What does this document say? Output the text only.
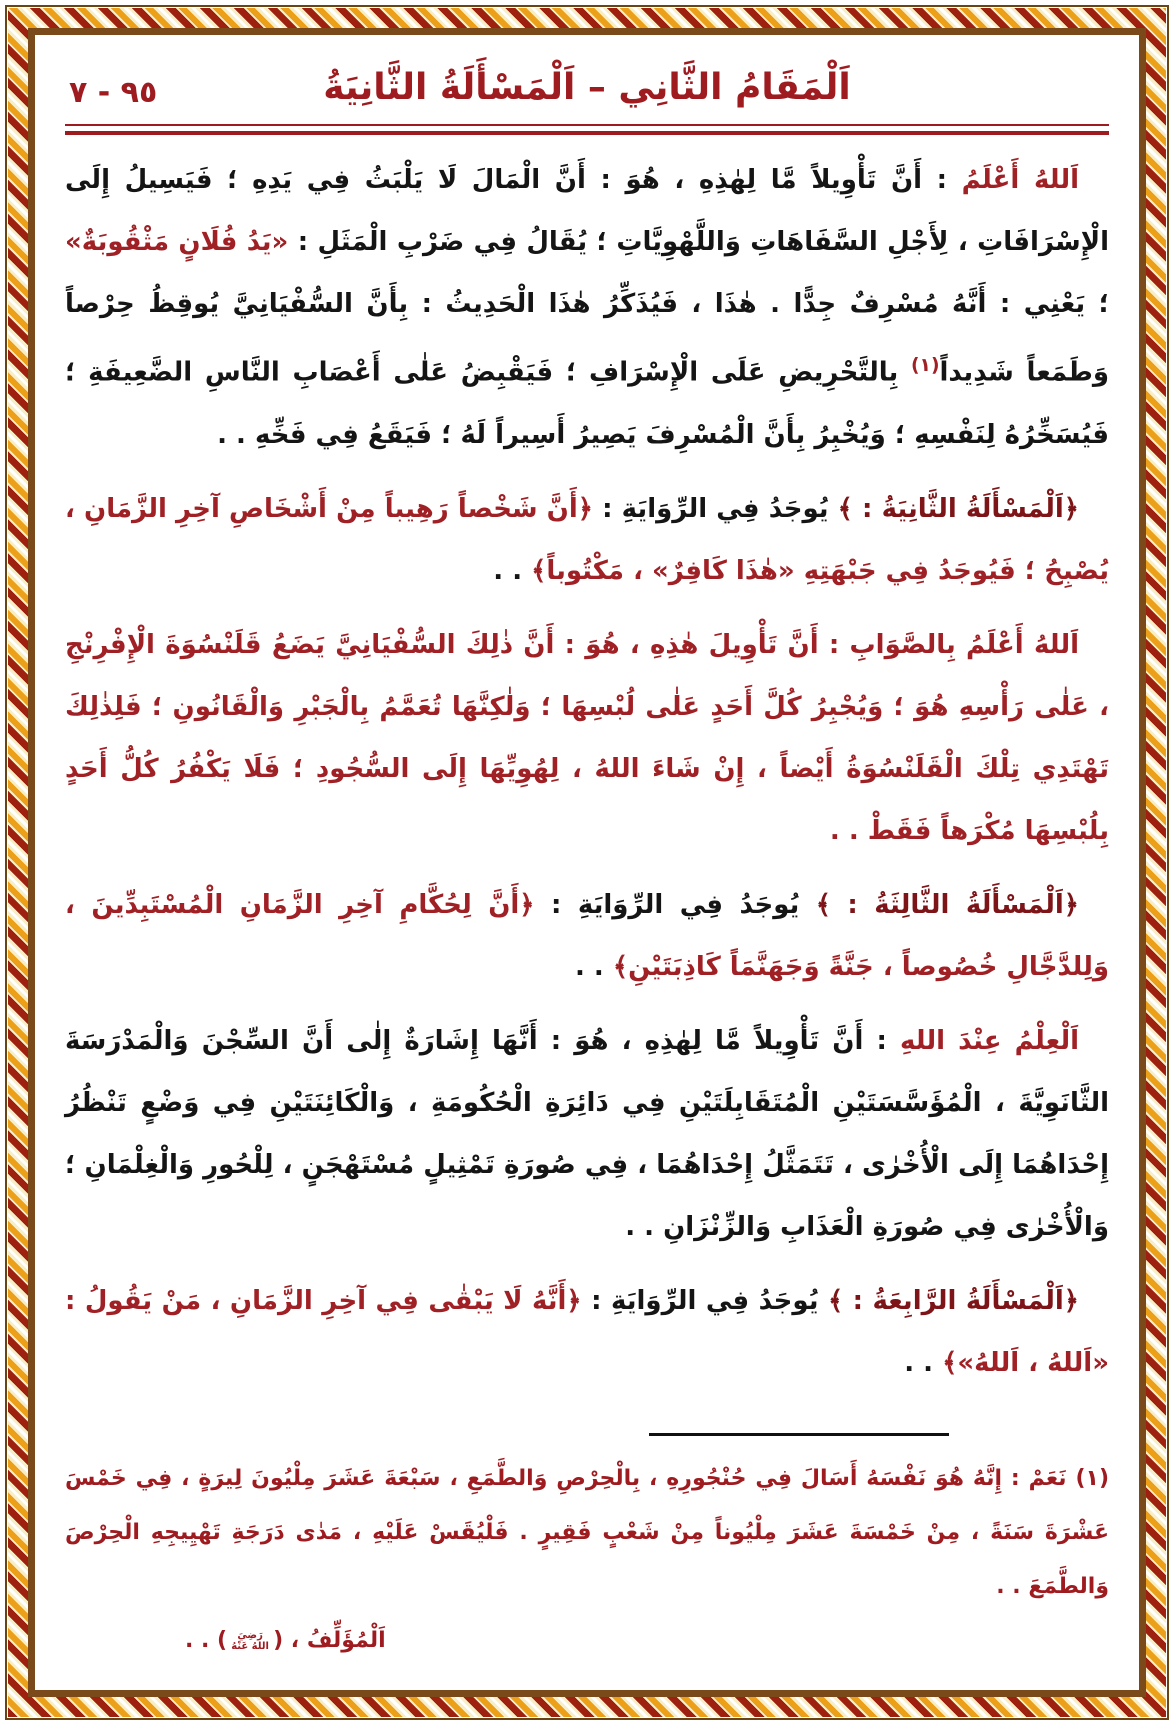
٩٥ - ٧	اَلْمَقَامُ الثَّانِي – اَلْمَسْأَلَةُ الثَّانِيَةُ

اَللهُ أَعْلَمُ : أَنَّ تَأْوِيلاً مَّا لِهٰذِهِ ، هُوَ : أَنَّ الْمَالَ لَا يَلْبَثُ فِي يَدِهِ ؛ فَيَسِيلُ إِلَى الْإِسْرَافَاتِ ، لِأَجْلِ السَّفَاهَاتِ وَاللَّهْوِيَّاتِ ؛ يُقَالُ فِي ضَرْبِ الْمَثَلِ : «يَدُ فُلَانٍ مَثْقُوبَةٌ» ؛ يَعْنِي : أَنَّهُ مُسْرِفٌ جِدًّا . هٰذَا ، فَيُذَكِّرُ هٰذَا الْحَدِيثُ : بِأَنَّ السُّفْيَانِيَّ يُوقِظُ حِرْصاً وَطَمَعاً شَدِيداً$^{(١)}$ بِالتَّحْرِيضِ عَلَى الْإِسْرَافِ ؛ فَيَقْبِضُ عَلٰى أَعْصَابِ النَّاسِ الضَّعِيفَةِ ؛ فَيُسَخِّرُهُ لِنَفْسِهِ ؛ وَيُخْبِرُ بِأَنَّ الْمُسْرِفَ يَصِيرُ أَسِيراً لَهُ ؛ فَيَقَعُ فِي فَخِّهِ . .

﴿اَلْمَسْأَلَةُ الثَّانِيَةُ : ﴾ يُوجَدُ فِي الرِّوَايَةِ : ﴿أَنَّ شَخْصاً رَهِيباً مِنْ أَشْخَاصِ آخِرِ الزَّمَانِ ، يُصْبِحُ ؛ فَيُوجَدُ فِي جَبْهَتِهِ «هٰذَا كَافِرٌ» ، مَكْتُوباً﴾ . .

اَللهُ أَعْلَمُ بِالصَّوَابِ : أَنَّ تَأْوِيلَ هٰذِهِ ، هُوَ : أَنَّ ذٰلِكَ السُّفْيَانِيَّ يَضَعُ قَلَنْسُوَةَ الْإِفْرِنْجِ ، عَلٰى رَأْسِهِ هُوَ ؛ وَيُجْبِرُ كُلَّ أَحَدٍ عَلٰى لُبْسِهَا ؛ وَلٰكِنَّهَا تُعَمَّمُ بِالْجَبْرِ وَالْقَانُونِ ؛ فَلِذٰلِكَ تَهْتَدِي تِلْكَ الْقَلَنْسُوَةُ أَيْضاً ، إِنْ شَاءَ اللهُ ، لِهُوِيِّهَا إِلَى السُّجُودِ ؛ فَلَا يَكْفُرُ كُلُّ أَحَدٍ بِلُبْسِهَا مُكْرَهاً فَقَطْ . .

﴿اَلْمَسْأَلَةُ الثَّالِثَةُ : ﴾ يُوجَدُ فِي الرِّوَايَةِ : ﴿أَنَّ لِحُكَّامِ آخِرِ الزَّمَانِ الْمُسْتَبِدِّينَ ، وَلِلدَّجَّالِ خُصُوصاً ، جَنَّةً وَجَهَنَّمَاً كَاذِبَتَيْنِ﴾ . .

اَلْعِلْمُ عِنْدَ اللهِ : أَنَّ تَأْوِيلاً مَّا لِهٰذِهِ ، هُوَ : أَنَّهَا إِشَارَةٌ إِلٰى أَنَّ السِّجْنَ وَالْمَدْرَسَةَ الثَّانَوِيَّةَ ، الْمُؤَسَّسَتَيْنِ الْمُتَقَابِلَتَيْنِ فِي دَائِرَةِ الْحُكُومَةِ ، وَالْكَائِنَتَيْنِ فِي وَضْعٍ تَنْظُرُ إِحْدَاهُمَا إِلَى الْأُخْرٰى ، تَتَمَثَّلُ إِحْدَاهُمَا ، فِي صُورَةِ تَمْثِيلٍ مُسْتَهْجَنٍ ، لِلْحُورِ وَالْغِلْمَانِ ؛ وَالْأُخْرٰى فِي صُورَةِ الْعَذَابِ وَالزِّنْزَانِ . .

﴿اَلْمَسْأَلَةُ الرَّابِعَةُ : ﴾ يُوجَدُ فِي الرِّوَايَةِ : ﴿أَنَّهُ لَا يَبْقٰى فِي آخِرِ الزَّمَانِ ، مَنْ يَقُولُ : «اَللهُ ، اَللهُ»﴾ . .

(١) نَعَمْ : إِنَّهُ هُوَ نَفْسَهُ أَسَالَ فِي حُنْجُورِهِ ، بِالْحِرْصِ وَالطَّمَعِ ، سَبْعَةَ عَشَرَ مِلْيُونَ لِيرَةٍ ، فِي خَمْسَ عَشْرَةَ سَنَةً ، مِنْ خَمْسَةَ عَشَرَ مِلْيُوناً مِنْ شَعْبٍ فَقِيرٍ . فَلْيُقَسْ عَلَيْهِ ، مَدٰى دَرَجَةِ تَهْيِيجِهِ الْحِرْصَ وَالطَّمَعَ . .

اَلْمُؤَلِّفُ ، (رَضِيَ اللهُ عَنْهُ) . .
